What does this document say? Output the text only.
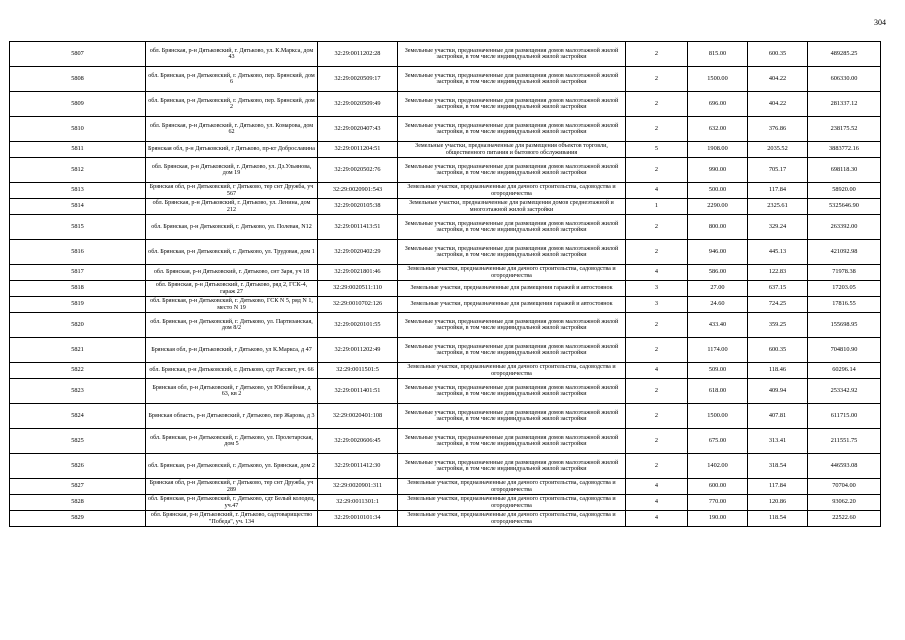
304
5807	обл. Брянская, р-н Дятьковский, г. Дятьково, ул. К.Маркса, дом 43	32:29:0011202:28	Земельные участки, предназначенные для размещения домов малоэтажной жилой застройки, в том числе индивидуальной жилой застройки	2	815.00	600.35	489285.25
5808	обл. Брянская, р-н Дятьковский, г. Дятьково, пер. Брянский, дом 6	32:29:0020509:17	Земельные участки, предназначенные для размещения домов малоэтажной жилой застройки, в том числе индивидуальной жилой застройки	2	1500.00	404.22	606330.00
5809	обл. Брянская, р-н Дятьковский, г. Дятьково, пер. Брянский, дом 2	32:29:0020509:49	Земельные участки, предназначенные для размещения домов малоэтажной жилой застройки, в том числе индивидуальной жилой застройки	2	696.00	404.22	281337.12
5810	обл. Брянская, р-н Дятьковский, г. Дятьково, ул. Комарова, дом 62	32:29:0020407:43	Земельные участки, предназначенные для размещения домов малоэтажной жилой застройки, в том числе индивидуальной жилой застройки	2	632.00	376.86	238175.52
5811	Брянская обл, р-н Дятьковский, г Дятьково, пр-кт Доброславина	32:29:0011204:51	Земельные участки, предназначенные для размещения объектов торговли, общественного питания и бытового обслуживания	5	1908.00	2035.52	3883772.16
5812	обл. Брянская, р-н Дятьковский, г. Дятьково, ул. Дз.Ульянова, дом 19	32:29:0020502:76	Земельные участки, предназначенные для размещения домов малоэтажной жилой застройки, в том числе индивидуальной жилой застройки	2	990.00	705.17	698118.30
5813	Брянская обл, р-н Дятьковский, г Дятьково, тер снт Дружба, уч 567	32:29:0020901:543	Земельные участки, предназначенные для дачного строительства, садоводства и огородничества	4	500.00	117.84	58920.00
5814	обл. Брянская, р-н Дятьковский, г. Дятьково, ул. Ленина, дом 212	32:29:0020105:38	Земельные участки, предназначенные для размещения домов среднеэтажной и многоэтажной жилой застройки	1	2290.00	2325.61	5325646.90
5815	обл. Брянская, р-н Дятьковский, г. Дятьково, ул. Полевая, N12	32:29:0011413:51	Земельные участки, предназначенные для размещения домов малоэтажной жилой застройки, в том числе индивидуальной жилой застройки	2	800.00	329.24	263392.00
5816	обл. Брянская, р-н Дятьковский, г. Дятьково, ул. Трудовая, дом 1	32:29:0020402:29	Земельные участки, предназначенные для размещения домов малоэтажной жилой застройки, в том числе индивидуальной жилой застройки	2	946.00	445.13	421092.98
5817	обл. Брянская, р-н Дятьковский, г. Дятьково, снт Заря, уч 18	32:29:0021801:46	Земельные участки, предназначенные для дачного строительства, садоводства и огородничества	4	586.00	122.83	71978.38
5818	обл. Брянская, р-н Дятьковский, г. Дятьково, ряд 2, ГСК-4, гараж 27	32:29:0020511:110	Земельные участки, предназначенные для размещения гаражей и автостоянок	3	27.00	637.15	17203.05
5819	обл. Брянская, р-н Дятьковский, г. Дятьково, ГСК N 5, ряд N 1, место N 19	32:29:0010702:126	Земельные участки, предназначенные для размещения гаражей и автостоянок	3	24.60	724.25	17816.55
5820	обл. Брянская, р-н Дятьковский, г. Дятьково, ул. Партизанская, дом 8/2	32:29:0020101:55	Земельные участки, предназначенные для размещения домов малоэтажной жилой застройки, в том числе индивидуальной жилой застройки	2	433.40	359.25	155698.95
5821	Брянская обл, р-н Дятьковский, г Дятьково, ул К.Маркса, д 47	32:29:0011202:49	Земельные участки, предназначенные для размещения домов малоэтажной жилой застройки, в том числе индивидуальной жилой застройки	2	1174.00	600.35	704810.90
5822	обл. Брянская, р-н Дятьковский, г. Дятьково, сдт Рассвет, уч. 66	32:29:0011501:5	Земельные участки, предназначенные для дачного строительства, садоводства и огородничества	4	509.00	118.46	60296.14
5823	Брянская обл, р-н Дятьковский, г Дятьково, ул Юбилейная, д 63, кв 2	32:29:0011401:51	Земельные участки, предназначенные для размещения домов малоэтажной жилой застройки, в том числе индивидуальной жилой застройки	2	618.00	409.94	253342.92
5824	Брянская область, р-н Дятьковский, г Дятьково, пер Жарова, д 3	32:29:0020401:108	Земельные участки, предназначенные для размещения домов малоэтажной жилой застройки, в том числе индивидуальной жилой застройки	2	1500.00	407.81	611715.00
5825	обл. Брянская, р-н Дятьковский, г. Дятьково, ул. Пролетарская, дом 5	32:29:0020606:45	Земельные участки, предназначенные для размещения домов малоэтажной жилой застройки, в том числе индивидуальной жилой застройки	2	675.00	313.41	211551.75
5826	обл. Брянская, р-н Дятьковский, г. Дятьково, ул. Брянская, дом 2	32:29:0011412:30	Земельные участки, предназначенные для размещения домов малоэтажной жилой застройки, в том числе индивидуальной жилой застройки	2	1402.00	318.54	446593.08
5827	Брянская обл, р-н Дятьковский, г Дятьково, тер снт Дружба, уч 289	32:29:0020901:311	Земельные участки, предназначенные для дачного строительства, садоводства и огородничества	4	600.00	117.84	70704.00
5828	обл. Брянская, р-н Дятьковский, г. Дятьково, сдт Белый колодец, уч.47	32:29:0011301:1	Земельные участки, предназначенные для дачного строительства, садоводства и огородничества	4	770.00	120.86	93062.20
5829	обл. Брянская, р-н Дятьковский, г. Дятьково, садтоварищество "Победа", уч. 134	32:29:0010101:34	Земельные участки, предназначенные для дачного строительства, садоводства и огородничества	4	190.00	118.54	22522.60
